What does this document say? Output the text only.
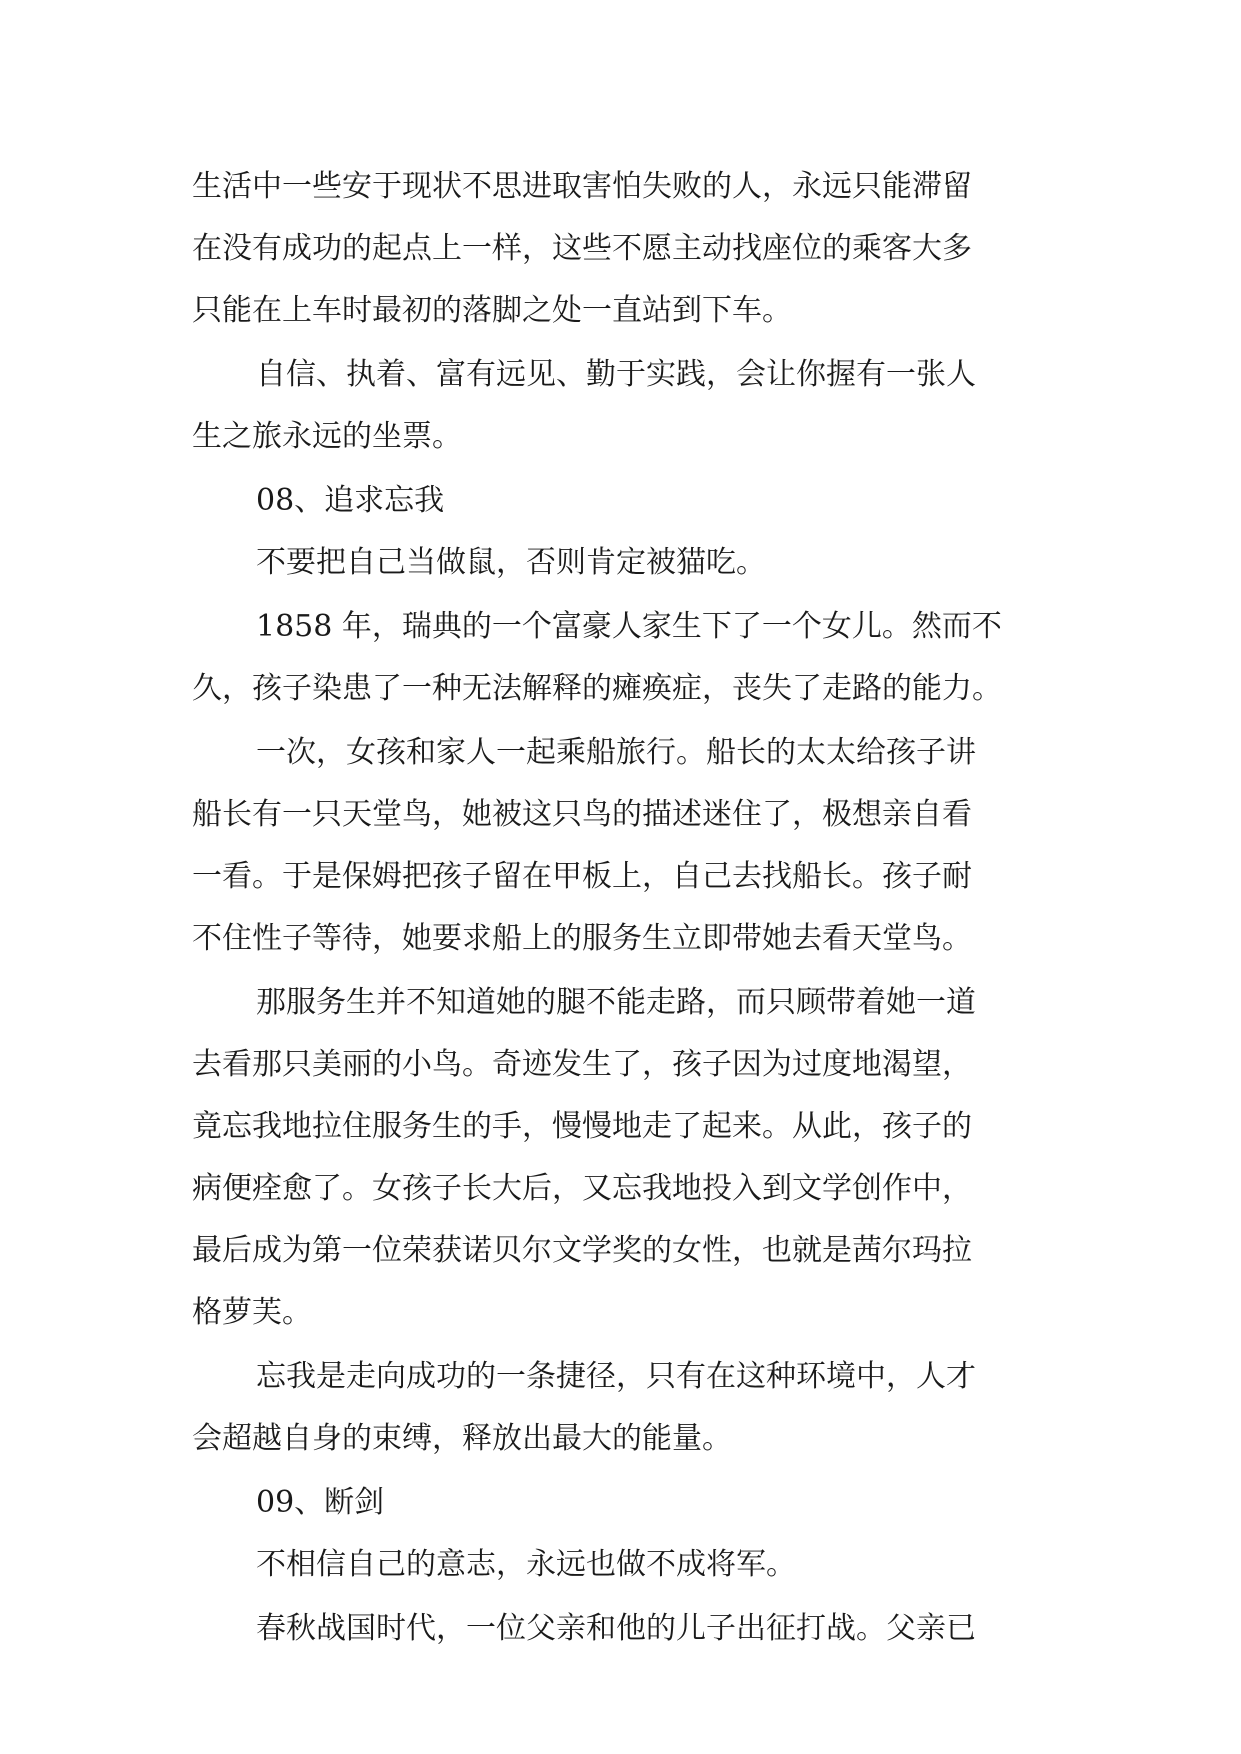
生活中一些安于现状不思进取害怕失败的人，永远只能滞留
在没有成功的起点上一样，这些不愿主动找座位的乘客大多
只能在上车时最初的落脚之处一直站到下车。
自信、执着、富有远见、勤于实践，会让你握有一张人
生之旅永远的坐票。
08、追求忘我
不要把自己当做鼠，否则肯定被猫吃。
1858 年，瑞典的一个富豪人家生下了一个女儿。然而不
久，孩子染患了一种无法解释的瘫痪症，丧失了走路的能力。
一次，女孩和家人一起乘船旅行。船长的太太给孩子讲
船长有一只天堂鸟，她被这只鸟的描述迷住了，极想亲自看
一看。于是保姆把孩子留在甲板上，自己去找船长。孩子耐
不住性子等待，她要求船上的服务生立即带她去看天堂鸟。
那服务生并不知道她的腿不能走路，而只顾带着她一道
去看那只美丽的小鸟。奇迹发生了，孩子因为过度地渴望，
竟忘我地拉住服务生的手，慢慢地走了起来。从此，孩子的
病便痊愈了。女孩子长大后，又忘我地投入到文学创作中，
最后成为第一位荣获诺贝尔文学奖的女性，也就是茜尔玛拉
格萝芙。
忘我是走向成功的一条捷径，只有在这种环境中，人才
会超越自身的束缚，释放出最大的能量。
09、断剑
不相信自己的意志，永远也做不成将军。
春秋战国时代，一位父亲和他的儿子出征打战。父亲已
